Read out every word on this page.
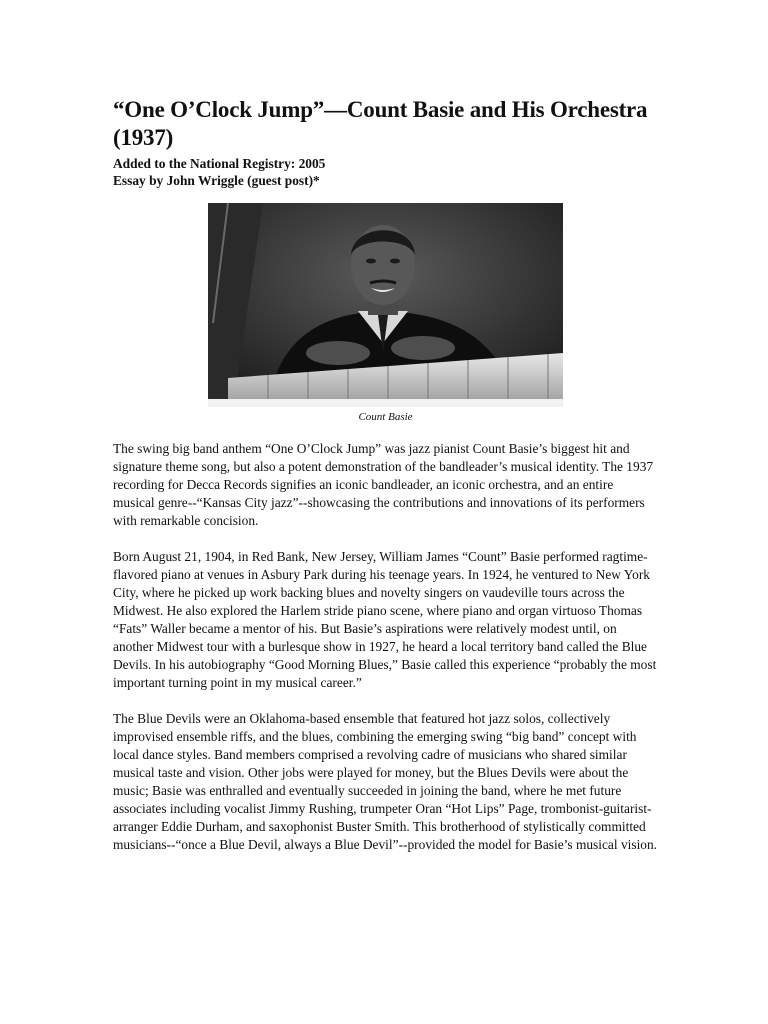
“One O’Clock Jump”—Count Basie and His Orchestra (1937)

Added to the National Registry: 2005

Essay by John Wriggle (guest post)*

Count Basie

The swing big band anthem “One O’Clock Jump” was jazz pianist Count Basie’s biggest hit and signature theme song, but also a potent demonstration of the bandleader’s musical identity. The 1937 recording for Decca Records signifies an iconic bandleader, an iconic orchestra, and an entire musical genre--“Kansas City jazz”--showcasing the contributions and innovations of its performers with remarkable concision.

Born August 21, 1904, in Red Bank, New Jersey, William James “Count” Basie performed ragtime-flavored piano at venues in Asbury Park during his teenage years. In 1924, he ventured to New York City, where he picked up work backing blues and novelty singers on vaudeville tours across the Midwest. He also explored the Harlem stride piano scene, where piano and organ virtuoso Thomas “Fats” Waller became a mentor of his. But Basie’s aspirations were relatively modest until, on another Midwest tour with a burlesque show in 1927, he heard a local territory band called the Blue Devils. In his autobiography “Good Morning Blues,” Basie called this experience “probably the most important turning point in my musical career.”

The Blue Devils were an Oklahoma-based ensemble that featured hot jazz solos, collectively improvised ensemble riffs, and the blues, combining the emerging swing “big band” concept with local dance styles. Band members comprised a revolving cadre of musicians who shared similar musical taste and vision. Other jobs were played for money, but the Blues Devils were about the music; Basie was enthralled and eventually succeeded in joining the band, where he met future associates including vocalist Jimmy Rushing, trumpeter Oran “Hot Lips” Page, trombonist-guitarist-arranger Eddie Durham, and saxophonist Buster Smith. This brotherhood of stylistically committed musicians--“once a Blue Devil, always a Blue Devil”--provided the model for Basie’s musical vision.
